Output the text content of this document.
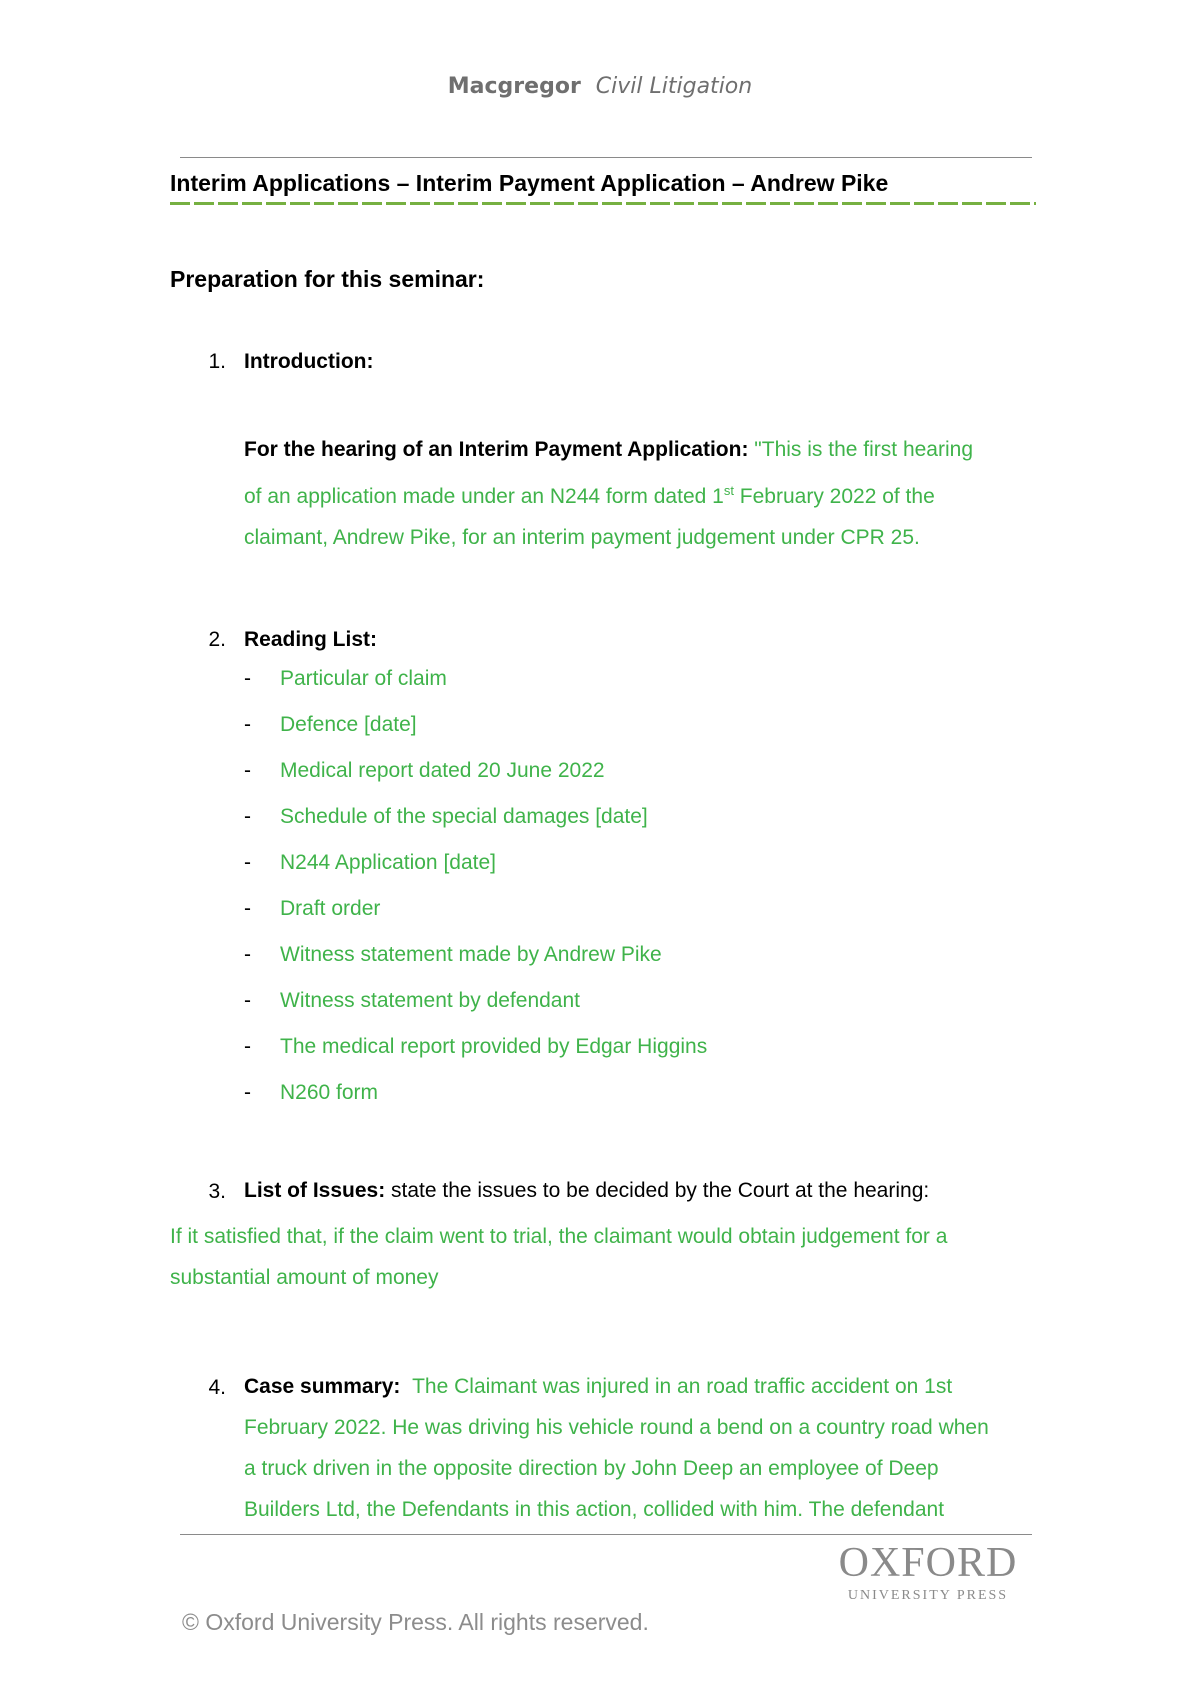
Macgregor Civil Litigation
Interim Applications – Interim Payment Application – Andrew Pike
Preparation for this seminar:
1. Introduction:
For the hearing of an Interim Payment Application: "This is the first hearing
of an application made under an N244 form dated 1st February 2022 of the
claimant, Andrew Pike, for an interim payment judgement under CPR 25.
2. Reading List:
-	Particular of claim
-	Defence [date]
-	Medical report dated 20 June 2022
-	Schedule of the special damages [date]
-	N244 Application [date]
-	Draft order
-	Witness statement made by Andrew Pike
-	Witness statement by defendant
-	The medical report provided by Edgar Higgins
-	N260 form
3. List of Issues: state the issues to be decided by the Court at the hearing:
If it satisfied that, if the claim went to trial, the claimant would obtain judgement for a
substantial amount of money
4. Case summary: The Claimant was injured in an road traffic accident on 1st
February 2022. He was driving his vehicle round a bend on a country road when
a truck driven in the opposite direction by John Deep an employee of Deep
Builders Ltd, the Defendants in this action, collided with him. The defendant
OXFORD
UNIVERSITY PRESS
© Oxford University Press. All rights reserved.
